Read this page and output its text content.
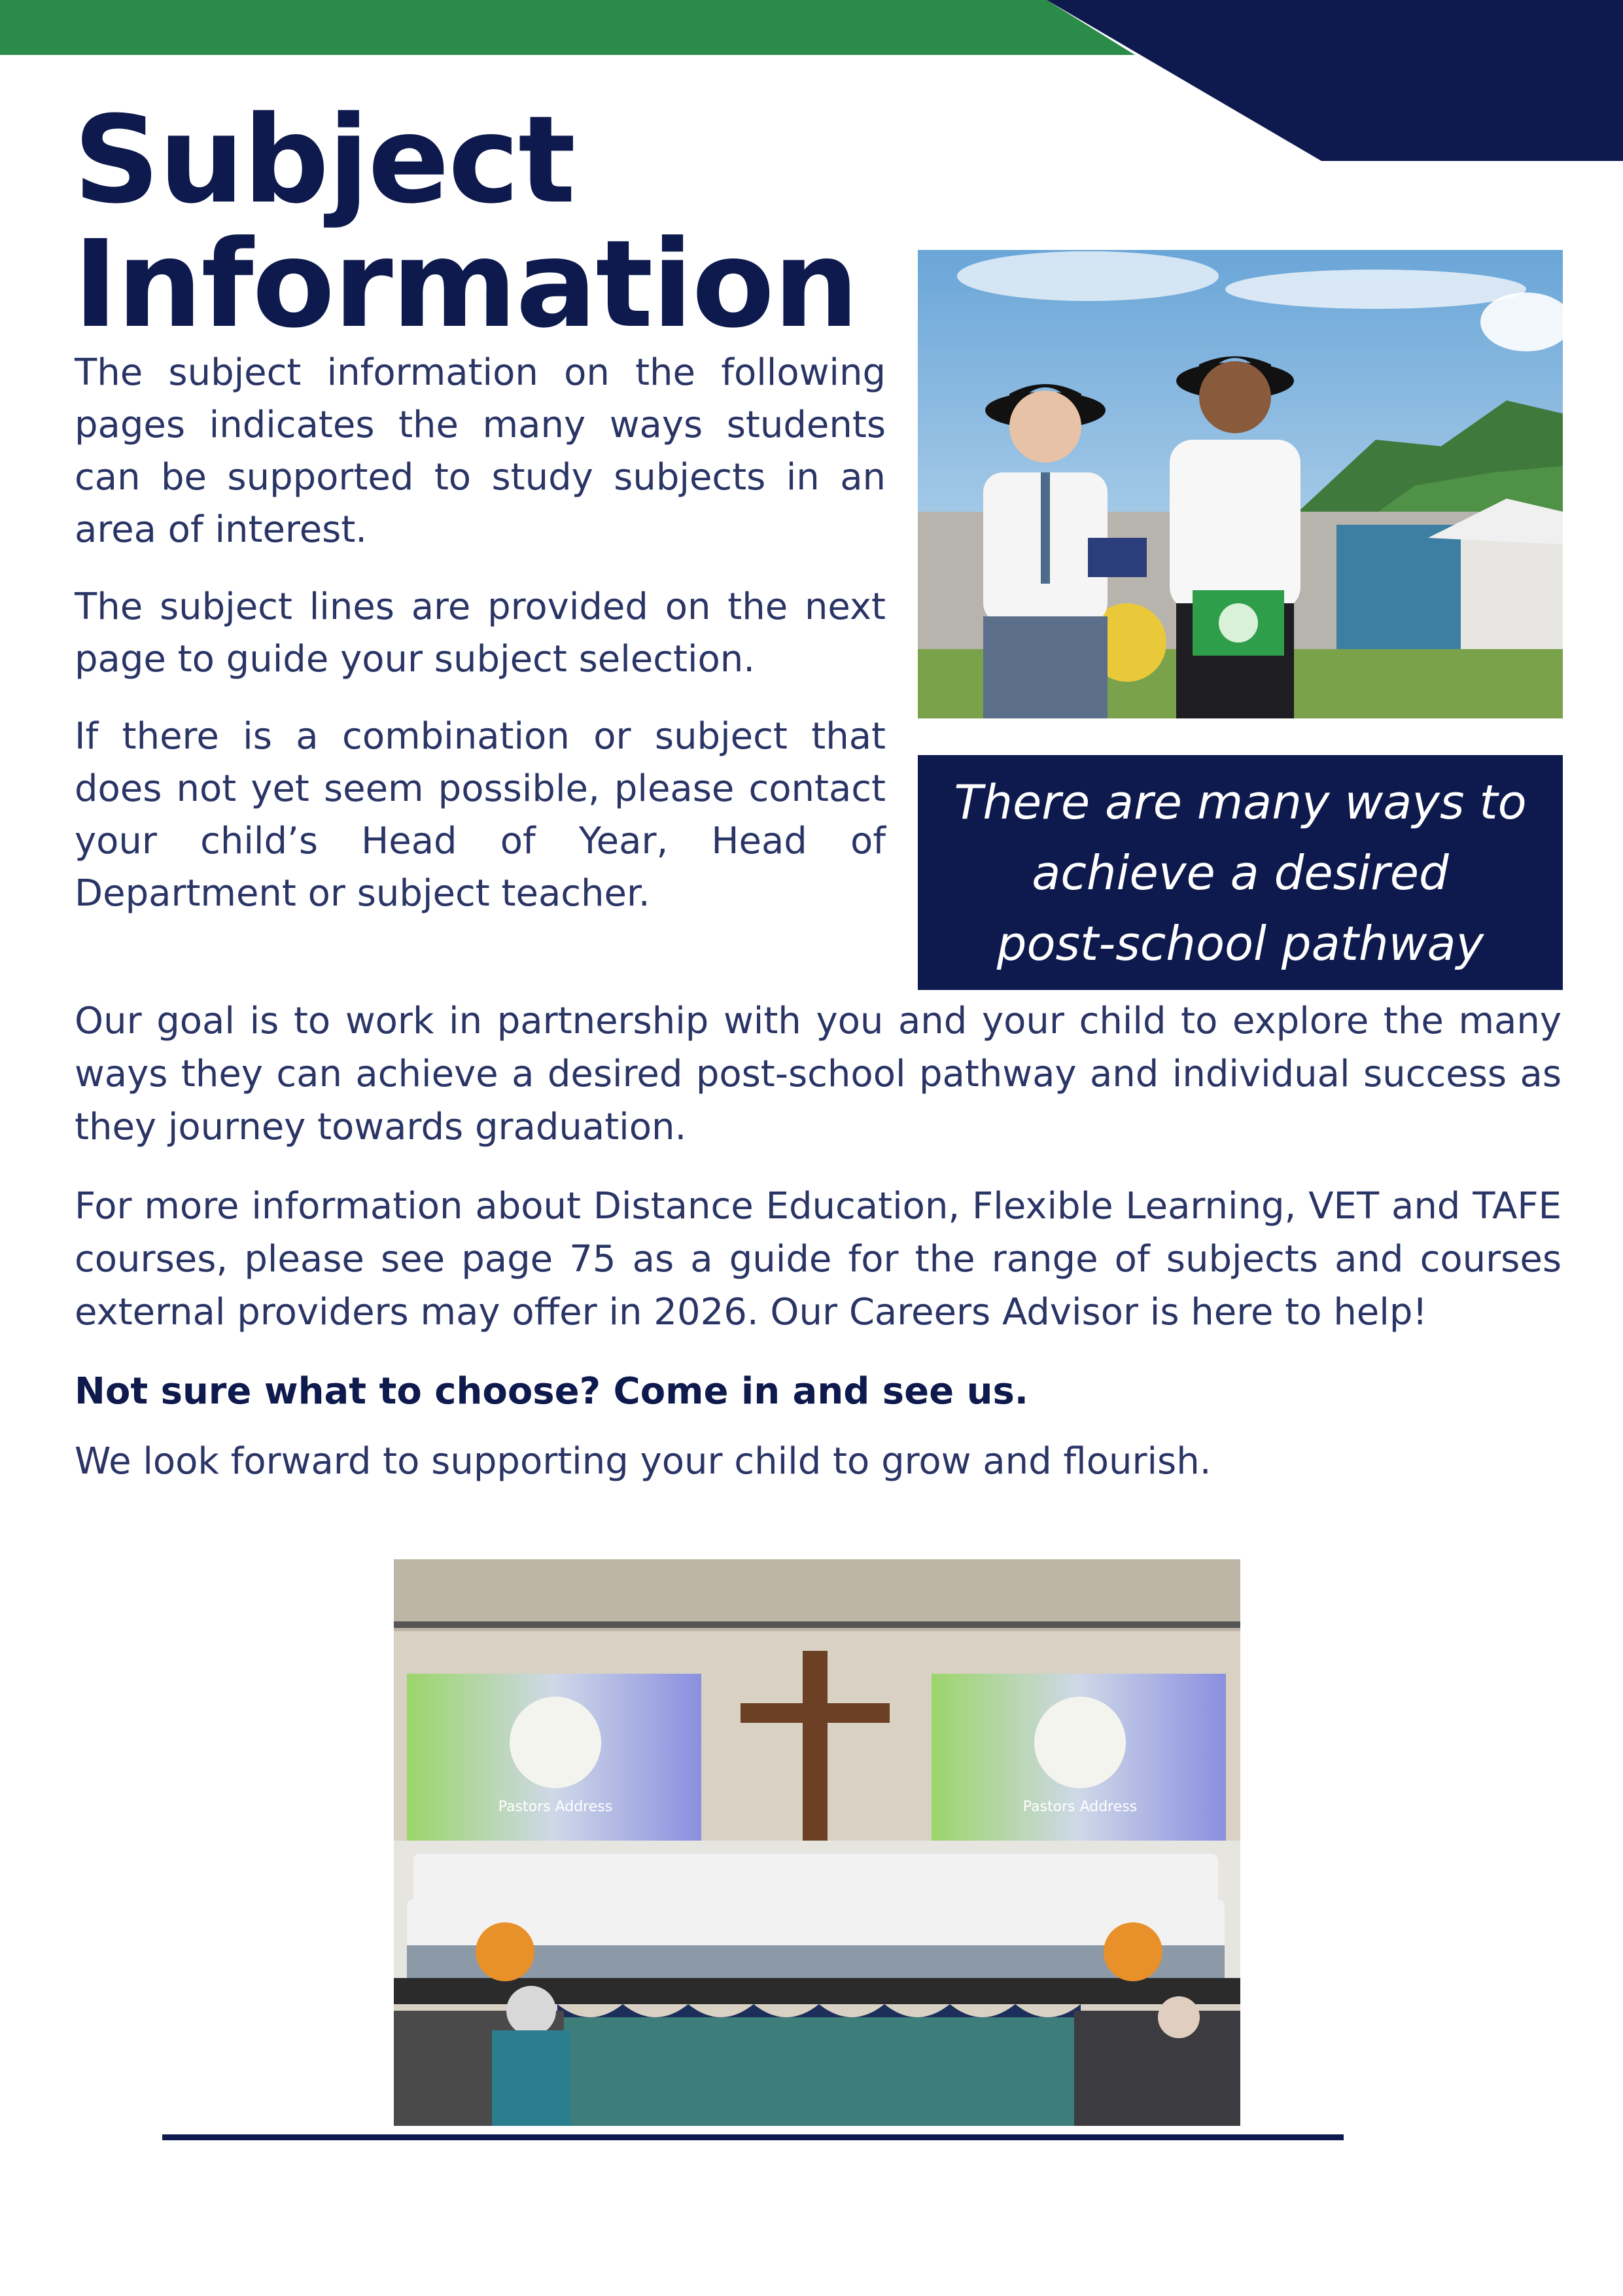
Subject
Information

The subject information on the following pages indicates the many ways students can be supported to study subjects in an area of interest.

The subject lines are provided on the next page to guide your subject selection.

If there is a combination or subject that does not yet seem possible, please contact your child’s Head of Year, Head of Department or subject teacher.

There are many ways to
achieve a desired
post-school pathway

Our goal is to work in partnership with you and your child to explore the many ways they can achieve a desired post-school pathway and individual success as they journey towards graduation.

For more information about Distance Education, Flexible Learning, VET and TAFE courses, please see page 75 as a guide for the range of subjects and courses external providers may offer in 2026. Our Careers Advisor is here to help!

Not sure what to choose? Come in and see us.

We look forward to supporting your child to grow and flourish.

Pastors Address	Pastors Address
